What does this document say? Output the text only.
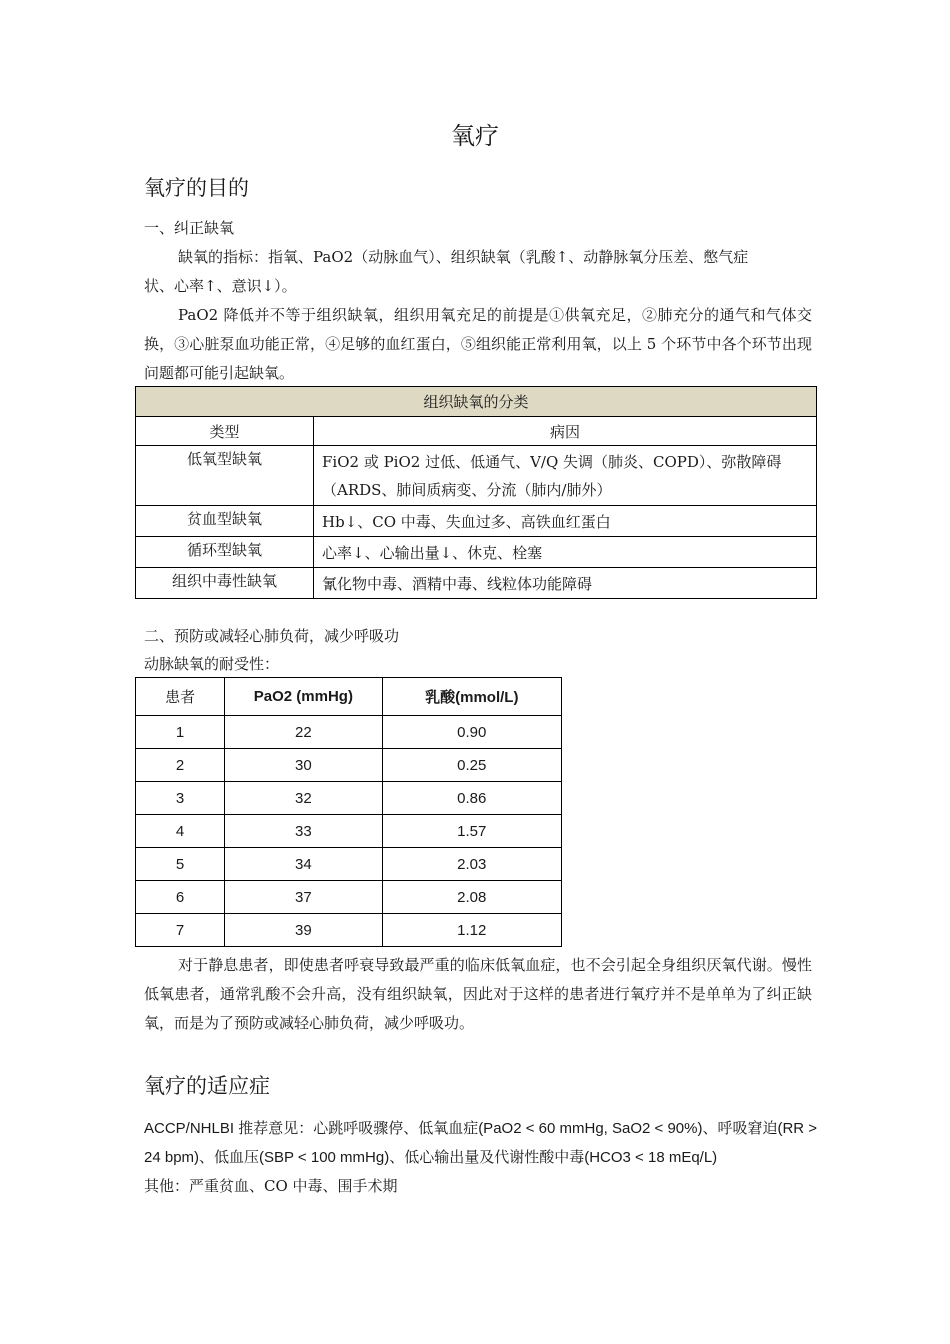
氧疗
氧疗的目的
一、纠正缺氧
缺氧的指标：指氧、PaO2（动脉血气）、组织缺氧（乳酸↑、动静脉氧分压差、憋气症
状、心率↑、意识↓）。
PaO2 降低并不等于组织缺氧，组织用氧充足的前提是①供氧充足，②肺充分的通气和气体交换，③心脏泵血功能正常，④足够的血红蛋白，⑤组织能正常利用氧，以上 5 个环节中各个环节出现问题都可能引起缺氧。
组织缺氧的分类	
类型	病因
低氧型缺氧	FiO2 或 PiO2 过低、低通气、V/Q 失调（肺炎、COPD）、弥散障碍（ARDS、肺间质病变、分流（肺内/肺外）
贫血型缺氧	Hb↓、CO 中毒、失血过多、高铁血红蛋白
循环型缺氧	心率↓、心输出量↓、休克、栓塞
组织中毒性缺氧	氰化物中毒、酒精中毒、线粒体功能障碍
二、预防或减轻心肺负荷，减少呼吸功
动脉缺氧的耐受性：
患者	PaO2 (mmHg)	乳酸(mmol/L)
1	22	0.90
2	30	0.25
3	32	0.86
4	33	1.57
5	34	2.03
6	37	2.08
7	39	1.12
对于静息患者，即使患者呼衰导致最严重的临床低氧血症，也不会引起全身组织厌氧代谢。慢性低氧患者，通常乳酸不会升高，没有组织缺氧，因此对于这样的患者进行氧疗并不是单单为了纠正缺氧，而是为了预防或减轻心肺负荷，减少呼吸功。
氧疗的适应症
ACCP/NHLBI 推荐意见：心跳呼吸骤停、低氧血症(PaO2 < 60 mmHg, SaO2 < 90%)、呼吸窘迫(RR >
24 bpm)、低血压(SBP < 100 mmHg)、低心输出量及代谢性酸中毒(HCO3 < 18 mEq/L)
其他：严重贫血、CO 中毒、围手术期
